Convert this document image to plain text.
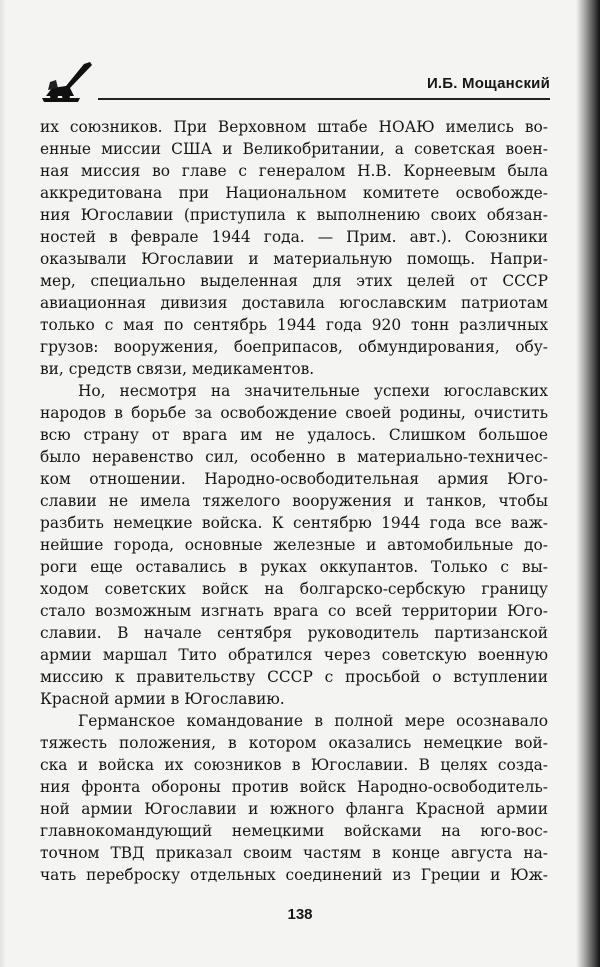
И.Б. Мощанский
их союзников. При Верховном штабе НОАЮ имелись во-
енные миссии США и Великобритании, а советская воен-
ная миссия во главе с генералом Н.В. Корнеевым была
аккредитована при Национальном комитете освобожде-
ния Югославии (приступила к выполнению своих обязан-
ностей в феврале 1944 года. — Прим. авт.). Союзники
оказывали Югославии и материальную помощь. Напри-
мер, специально выделенная для этих целей от СССР
авиационная дивизия доставила югославским патриотам
только с мая по сентябрь 1944 года 920 тонн различных
грузов: вооружения, боеприпасов, обмундирования, обу-
ви, средств связи, медикаментов.
Но, несмотря на значительные успехи югославских
народов в борьбе за освобождение своей родины, очистить
всю страну от врага им не удалось. Слишком большое
было неравенство сил, особенно в материально-техничес-
ком отношении. Народно-освободительная армия Юго-
славии не имела тяжелого вооружения и танков, чтобы
разбить немецкие войска. К сентябрю 1944 года все важ-
нейшие города, основные железные и автомобильные до-
роги еще оставались в руках оккупантов. Только с вы-
ходом советских войск на болгарско-сербскую границу
стало возможным изгнать врага со всей территории Юго-
славии. В начале сентября руководитель партизанской
армии маршал Тито обратился через советскую военную
миссию к правительству СССР с просьбой о вступлении
Красной армии в Югославию.
Германское командование в полной мере осознавало
тяжесть положения, в котором оказались немецкие вой-
ска и войска их союзников в Югославии. В целях созда-
ния фронта обороны против войск Народно-освободитель-
ной армии Югославии и южного фланга Красной армии
главнокомандующий немецкими войсками на юго-вос-
точном ТВД приказал своим частям в конце августа на-
чать переброску отдельных соединений из Греции и Юж-
138
